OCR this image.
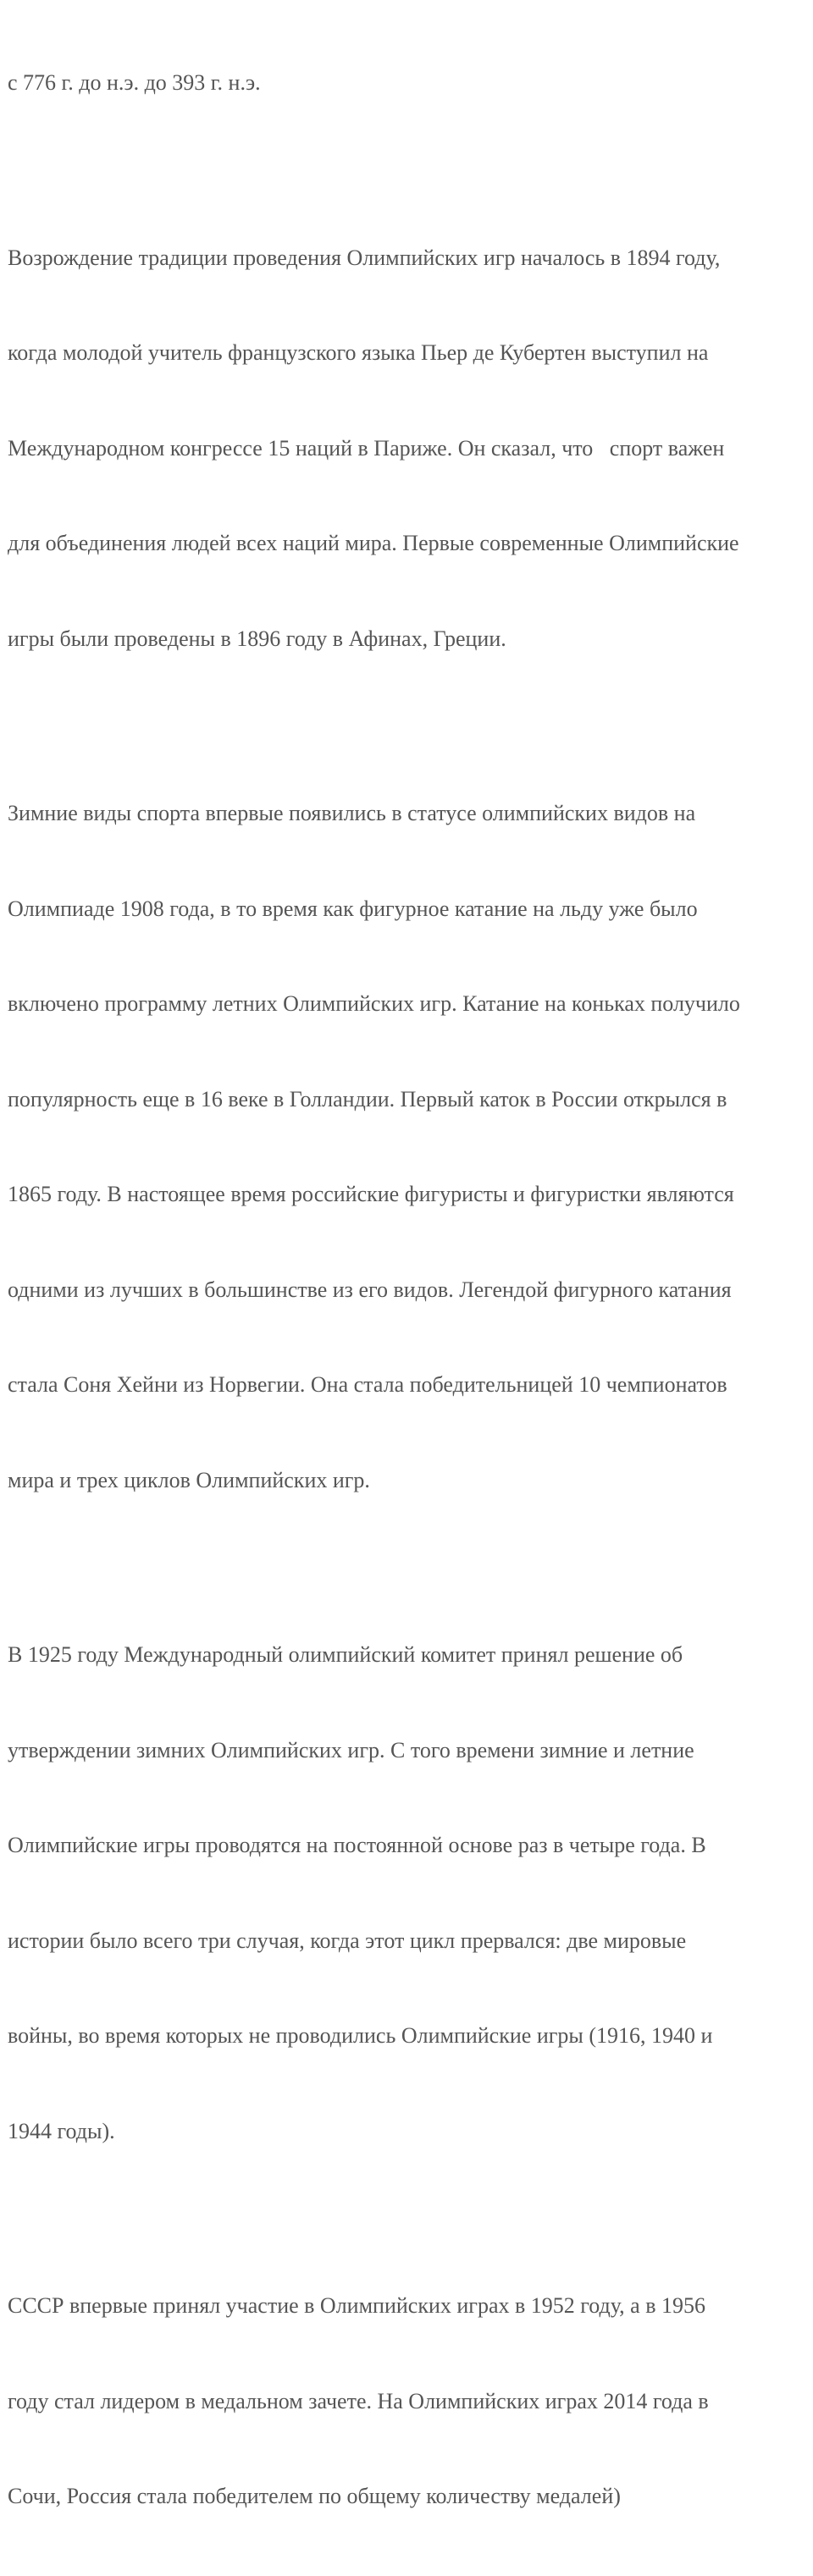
с 776 г. до н.э. до 393 г. н.э.

Возрождение традиции проведения Олимпийских игр началось в 1894 году,

когда молодой учитель французского языка Пьер де Кубертен выступил на

Международном конгрессе 15 наций в Париже. Он сказал, что   спорт важен

для объединения людей всех наций мира. Первые современные Олимпийские

игры были проведены в 1896 году в Афинах, Греции.

Зимние виды спорта впервые появились в статусе олимпийских видов на

Олимпиаде 1908 года, в то время как фигурное катание на льду уже было

включено программу летних Олимпийских игр. Катание на коньках получило

популярность еще в 16 веке в Голландии. Первый каток в России открылся в

1865 году. В настоящее время российские фигуристы и фигуристки являются

одними из лучших в большинстве из его видов. Легендой фигурного катания

стала Соня Хейни из Норвегии. Она стала победительницей 10 чемпионатов

мира и трех циклов Олимпийских игр.

В 1925 году Международный олимпийский комитет принял решение об

утверждении зимних Олимпийских игр. С того времени зимние и летние

Олимпийские игры проводятся на постоянной основе раз в четыре года. В

истории было всего три случая, когда этот цикл прервался: две мировые

войны, во время которых не проводились Олимпийские игры (1916, 1940 и

1944 годы).

СССР впервые принял участие в Олимпийских играх в 1952 году, а в 1956

году стал лидером в медальном зачете. На Олимпийских играх 2014 года в

Сочи, Россия стала победителем по общему количеству медалей)
